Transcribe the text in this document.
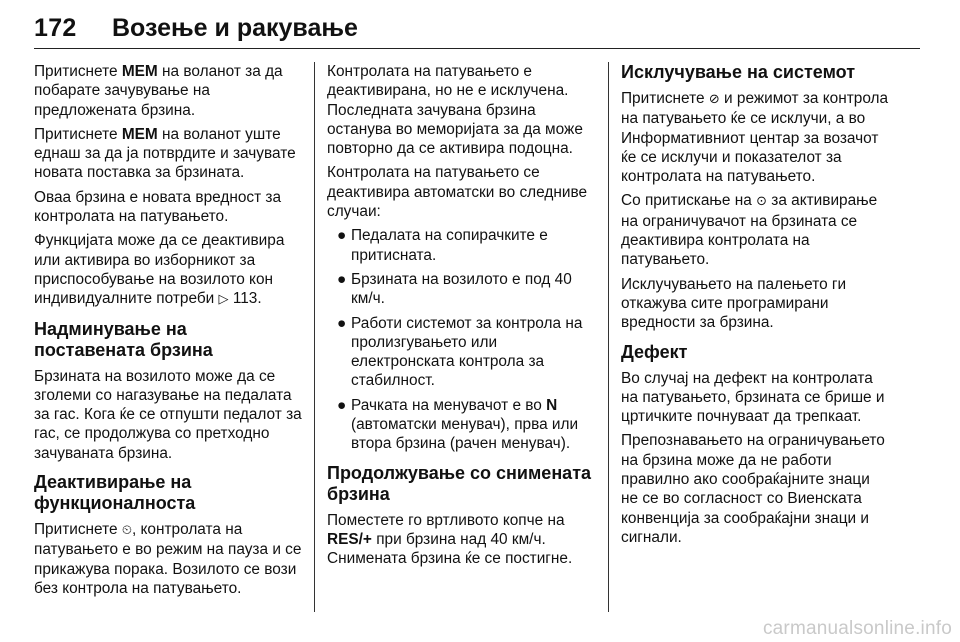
172 Возење и ракување

Притиснете MEM на воланот за да побарате зачувување на предложената брзина.

Притиснете MEM на воланот уште еднаш за да ја потврдите и зачувате новата поставка за брзината.

Оваа брзина е новата вредност за контролата на патувањето.

Функцијата може да се деактивира или активира во изборникот за приспособување на возилото кон индивидуалните потреби ▷ 113.

Надминување на поставената брзина

Брзината на возилото може да се зголеми со нагазување на педалата за гас. Кога ќе се отпушти педалот за гас, се продолжува со претходно зачуваната брзина.

Деактивирање на функционалноста

Притиснете ⏲, контролата на патувањето е во режим на пауза и се прикажува порака. Возилото се вози без контрола на патувањето.

Контролата на патувањето е деактивирана, но не е исклучена. Последната зачувана брзина останува во меморијата за да може повторно да се активира подоцна.

Контролата на патувањето се деактивира автоматски во следниве случаи:

● Педалата на сопирачките е притисната.
● Брзината на возилото е под 40 км/ч.
● Работи системот за контрола на пролизгувањето или електронската контрола за стабилност.
● Рачката на менувачот е во N (автоматски менувач), прва или втора брзина (рачен менувач).
Продолжување со снимената брзина

Поместете го вртливото копче на RES/+ при брзина над 40 км/ч. Снимената брзина ќе се постигне.

Исклучување на системот

Притиснете ⊘ и режимот за контрола на патувањето ќе се исклучи, а во Информативниот центар за возачот ќе се исклучи и показателот за контролата на патувањето.

Со притискање на ⊙ за активирање на ограничувачот на брзината се деактивира контролата на патувањето.

Исклучувањето на палењето ги откажува сите програмирани вредности за брзина.

Дефект

Во случај на дефект на контролата на патувањето, брзината се брише и цртичките почнуваат да трепкаат.

Препознавањето на ограничувањето на брзина може да не работи правилно ако сообраќајните знаци не се во согласност со Виенската конвенција за сообраќајни знаци и сигнали.

carmanualsonline.info
